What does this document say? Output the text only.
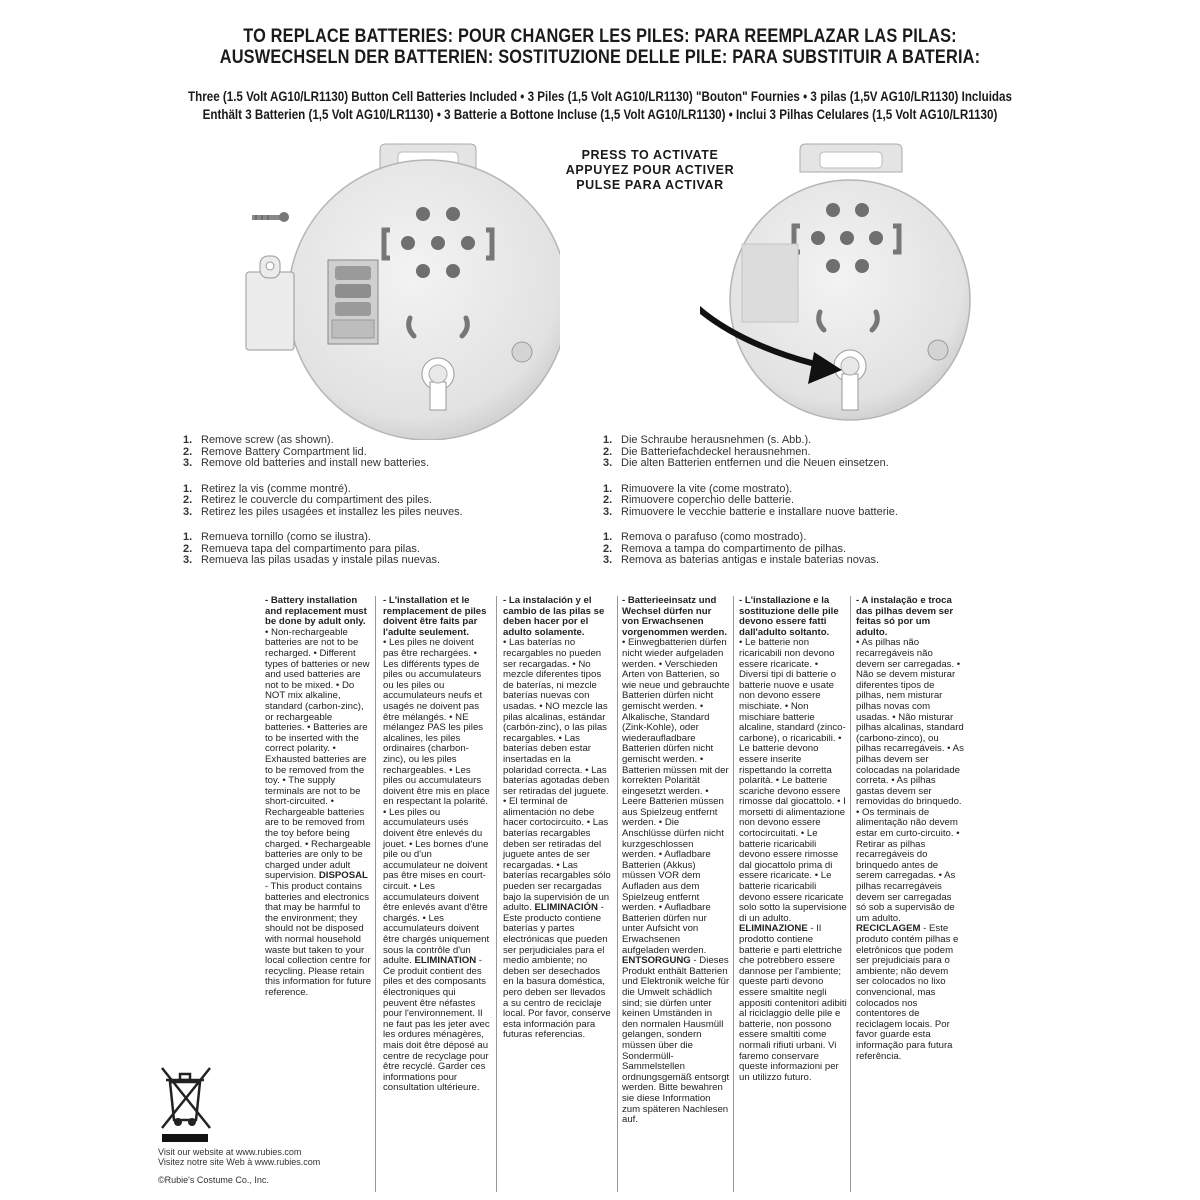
TO REPLACE BATTERIES: POUR CHANGER LES PILES: PARA REEMPLAZAR LAS PILAS:
AUSWECHSELN DER BATTERIEN: SOSTITUZIONE DELLE PILE: PARA SUBSTITUIR A BATERIA:
Three (1.5 Volt AG10/LR1130) Button Cell Batteries Included • 3 Piles (1,5 Volt AG10/LR1130) "Bouton" Fournies • 3 pilas (1,5V AG10/LR1130) Incluidas
Enthält 3 Batterien (1,5 Volt AG10/LR1130) • 3 Batterie a Bottone Incluse (1,5 Volt AG10/LR1130) • Inclui 3 Pilhas Celulares (1,5 Volt AG10/LR1130)
PRESS TO ACTIVATE
APPUYEZ POUR ACTIVER
PULSE PARA ACTIVAR
1. Remove screw (as shown).
2. Remove Battery Compartment lid.
3. Remove old batteries and install new batteries.
1. Retirez la vis (comme montré).
2. Retirez le couvercle du compartiment des piles.
3. Retirez les piles usagées et installez les piles neuves.
1. Remueva tornillo (como se ilustra).
2. Remueva tapa del compartimento para pilas.
3. Remueva las pilas usadas y instale pilas nuevas.
1. Die Schraube herausnehmen (s. Abb.).
2. Die Batteriefachdeckel herausnehmen.
3. Die alten Batterien entfernen und die Neuen einsetzen.
1. Rimuovere la vite (come mostrato).
2. Rimuovere coperchio delle batterie.
3. Rimuovere le vecchie batterie e installare nuove batterie.
1. Remova o parafuso (como mostrado).
2. Remova a tampa do compartimento de pilhas.
3. Remova as baterias antigas e instale baterias novas.
- Battery installation and replacement must be done by adult only.
• Non-rechargeable batteries are not to be recharged. • Different types of batteries or new and used batteries are not to be mixed. • Do NOT mix alkaline, standard (carbon-zinc), or rechargeable batteries. • Batteries are to be inserted with the correct polarity. • Exhausted batteries are to be removed from the toy. • The supply terminals are not to be short-circuited. • Rechargeable batteries are to be removed from the toy before being charged. • Rechargeable batteries are only to be charged under adult supervision. DISPOSAL - This product contains batteries and electronics that may be harmful to the environment; they should not be disposed with normal household waste but taken to your local collection centre for recycling. Please retain this information for future reference.
- L'installation et le remplacement de piles doivent être faits par l'adulte seulement.
• Les piles ne doivent pas être rechargées. • Les différents types de piles ou accumulateurs ou les piles ou accumulateurs neufs et usagés ne doivent pas être mélangés. • NE mélangez PAS les piles alcalines, les piles ordinaires (charbon-zinc), ou les piles rechargeables. • Les piles ou accumulateurs doivent être mis en place en respectant la polarité. • Les piles ou accumulateurs usés doivent être enlevés du jouet. • Les bornes d'une pile ou d'un accumulateur ne doivent pas être mises en court-circuit. • Les accumulateurs doivent être enlevés avant d'être chargés. • Les accumulateurs doivent être chargés uniquement sous la contrôle d'un adulte. ELIMINATION - Ce produit contient des piles et des composants électroniques qui peuvent être néfastes pour l'environnement. Il ne faut pas les jeter avec les ordures ménagères, mais doit être déposé au centre de recyclage pour être recyclé. Garder ces informations pour consultation ultérieure.
- La instalación y el cambio de las pilas se deben hacer por el adulto solamente.
• Las baterías no recargables no pueden ser recargadas. • No mezcle diferentes tipos de baterías, ni mezcle baterías nuevas con usadas. • NO mezcle las pilas alcalinas, estándar (carbón-zinc), o las pilas recargables. • Las baterías deben estar insertadas en la polaridad correcta. • Las baterías agotadas deben ser retiradas del juguete. • El terminal de alimentación no debe hacer cortocircuito. • Las baterías recargables deben ser retiradas del juguete antes de ser recargadas. • Las baterías recargables sólo pueden ser recargadas bajo la supervisión de un adulto. ELIMINACIÓN - Este producto contiene baterías y partes electrónicas que pueden ser perjudiciales para el medio ambiente; no deben ser desechados en la basura doméstica, pero deben ser llevados a su centro de reciclaje local. Por favor, conserve esta información para futuras referencias.
- Batterieeinsatz und Wechsel dürfen nur von Erwachsenen vorgenommen werden.
• Einwegbatterien dürfen nicht wieder aufgeladen werden. • Verschieden Arten von Batterien, so wie neue und gebrauchte Batterien dürfen nicht gemischt werden. • Alkalische, Standard (Zink-Kohle), oder wiederaufladbare Batterien dürfen nicht gemischt werden. • Batterien müssen mit der korrekten Polarität eingesetzt werden. • Leere Batterien müssen aus Spielzeug entfernt werden. • Die Anschlüsse dürfen nicht kurzgeschlossen werden. • Aufladbare Batterien (Akkus) müssen VOR dem Aufladen aus dem Spielzeug entfernt werden. • Aufladbare Batterien dürfen nur unter Aufsicht von Erwachsenen aufgeladen werden. ENTSORGUNG - Dieses Produkt enthält Batterien und Elektronik welche für die Umwelt schädlich sind; sie dürfen unter keinen Umständen in den normalen Hausmüll gelangen, sondern müssen über die Sondermüll-Sammelstellen ordnungsgemäß entsorgt werden. Bitte bewahren sie diese Information zum späteren Nachlesen auf.
- L'installazione e la sostituzione delle pile devono essere fatti dall'adulto soltanto.
• Le batterie non ricaricabili non devono essere ricaricate. • Diversi tipi di batterie o batterie nuove e usate non devono essere mischiate. • Non mischiare batterie alcaline, standard (zinco-carbone), o ricaricabili. • Le batterie devono essere inserite rispettando la corretta polarità. • Le batterie scariche devono essere rimosse dal giocattolo. • I morsetti di alimentazione non devono essere cortocircuitati. • Le batterie ricaricabili devono essere rimosse dal giocattolo prima di essere ricaricate. • Le batterie ricaricabili devono essere ricaricate solo sotto la supervisione di un adulto. ELIMINAZIONE - Il prodotto contiene batterie e parti elettriche che potrebbero essere dannose per l'ambiente; queste parti devono essere smaltite negli appositi contenitori adibiti al riciclaggio delle pile e batterie, non possono essere smaltiti come normali rifiuti urbani. Vi faremo conservare queste informazioni per un utilizzo futuro.
- A instalação e troca das pilhas devem ser feitas só por um adulto.
• As pilhas não recarregáveis não devem ser carregadas. • Não se devem misturar diferentes tipos de pilhas, nem misturar pilhas novas com usadas. • Não misturar pilhas alcalinas, standard (carbono-zinco), ou pilhas recarregáveis. • As pilhas devem ser colocadas na polaridade correta. • As pilhas gastas devem ser removidas do brinquedo. • Os terminais de alimentação não devem estar em curto-circuito. • Retirar as pilhas recarregáveis do brinquedo antes de serem carregadas. • As pilhas recarregáveis devem ser carregadas só sob a supervisão de um adulto. RECICLAGEM - Este produto contém pilhas e eletrônicos que podem ser prejudiciais para o ambiente; não devem ser colocados no lixo convencional, mas colocados nos contentores de reciclagem locais. Por favor guarde esta informação para futura referência.
Visit our website at www.rubies.com
Visitez notre site Web à www.rubies.com
©Rubie's Costume Co., Inc.
